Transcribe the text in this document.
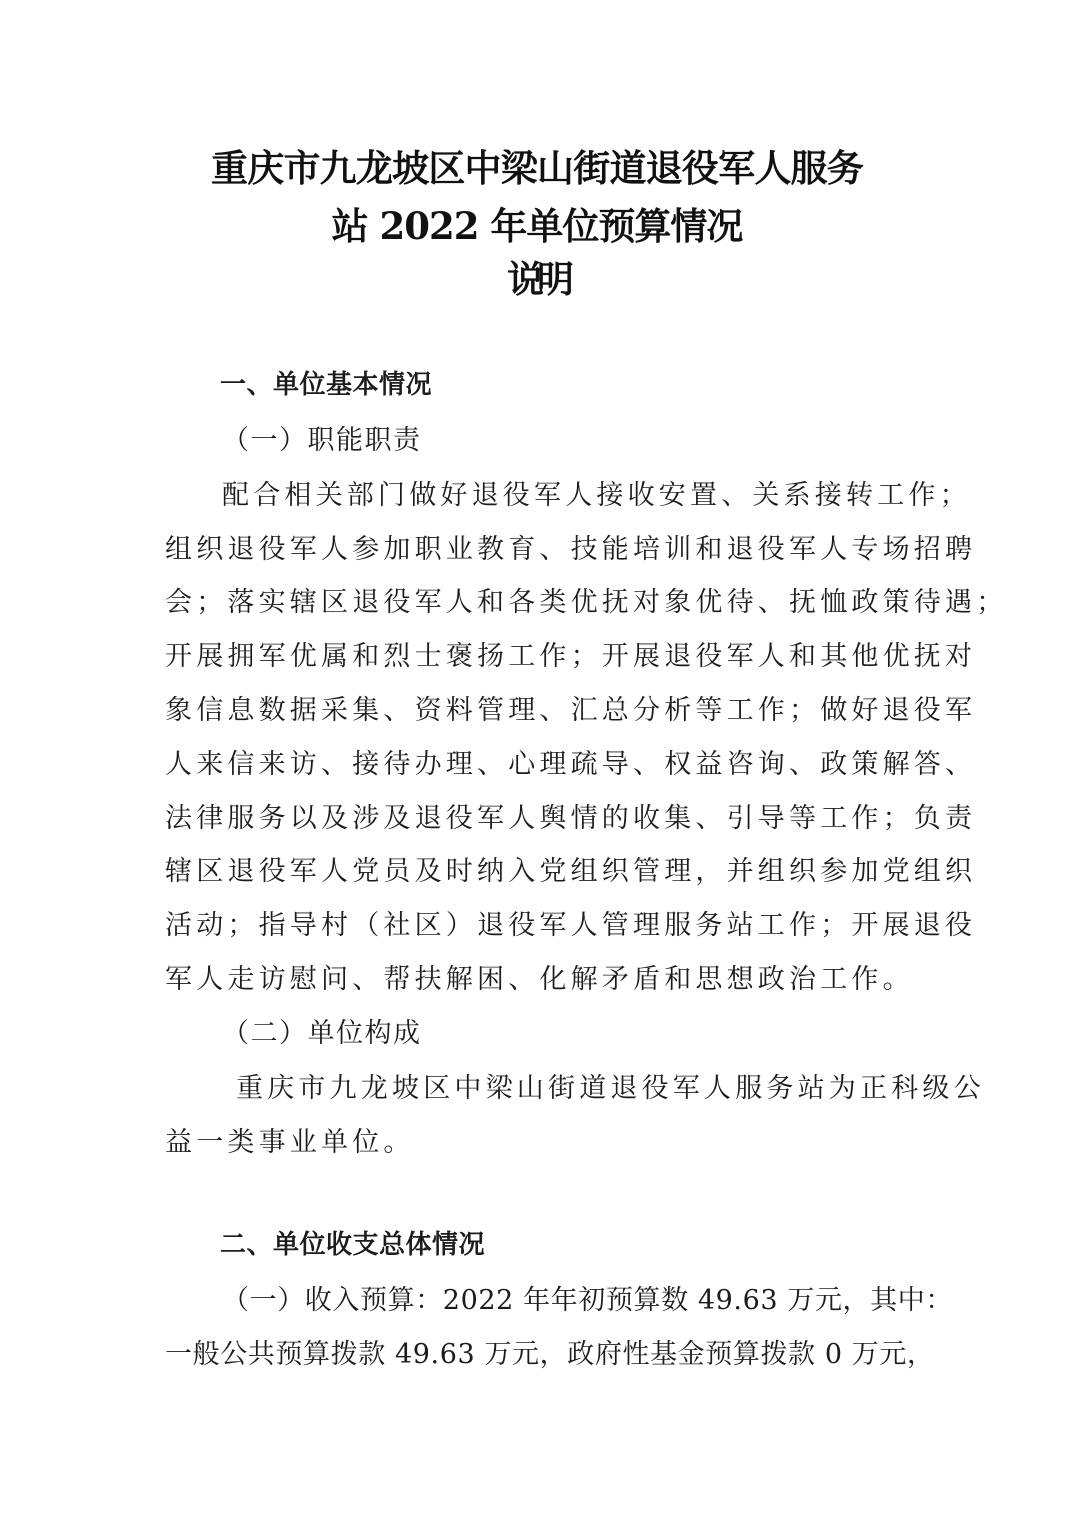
重庆市九龙坡区中梁山街道退役军人服务
站 2022 年单位预算情况
说明
一、单位基本情况
（一）职能职责
配合相关部门做好退役军人接收安置、关系接转工作；
组织退役军人参加职业教育、技能培训和退役军人专场招聘
会；落实辖区退役军人和各类优抚对象优待、抚恤政策待遇；
开展拥军优属和烈士褒扬工作；开展退役军人和其他优抚对
象信息数据采集、资料管理、汇总分析等工作；做好退役军
人来信来访、接待办理、心理疏导、权益咨询、政策解答、
法律服务以及涉及退役军人舆情的收集、引导等工作；负责
辖区退役军人党员及时纳入党组织管理，并组织参加党组织
活动；指导村（社区）退役军人管理服务站工作；开展退役
军人走访慰问、帮扶解困、化解矛盾和思想政治工作。
（二）单位构成
重庆市九龙坡区中梁山街道退役军人服务站为正科级公
益一类事业单位。
二、单位收支总体情况
（一）收入预算：2022 年年初预算数 49.63 万元，其中：
一般公共预算拨款 49.63 万元，政府性基金预算拨款 0 万元，
